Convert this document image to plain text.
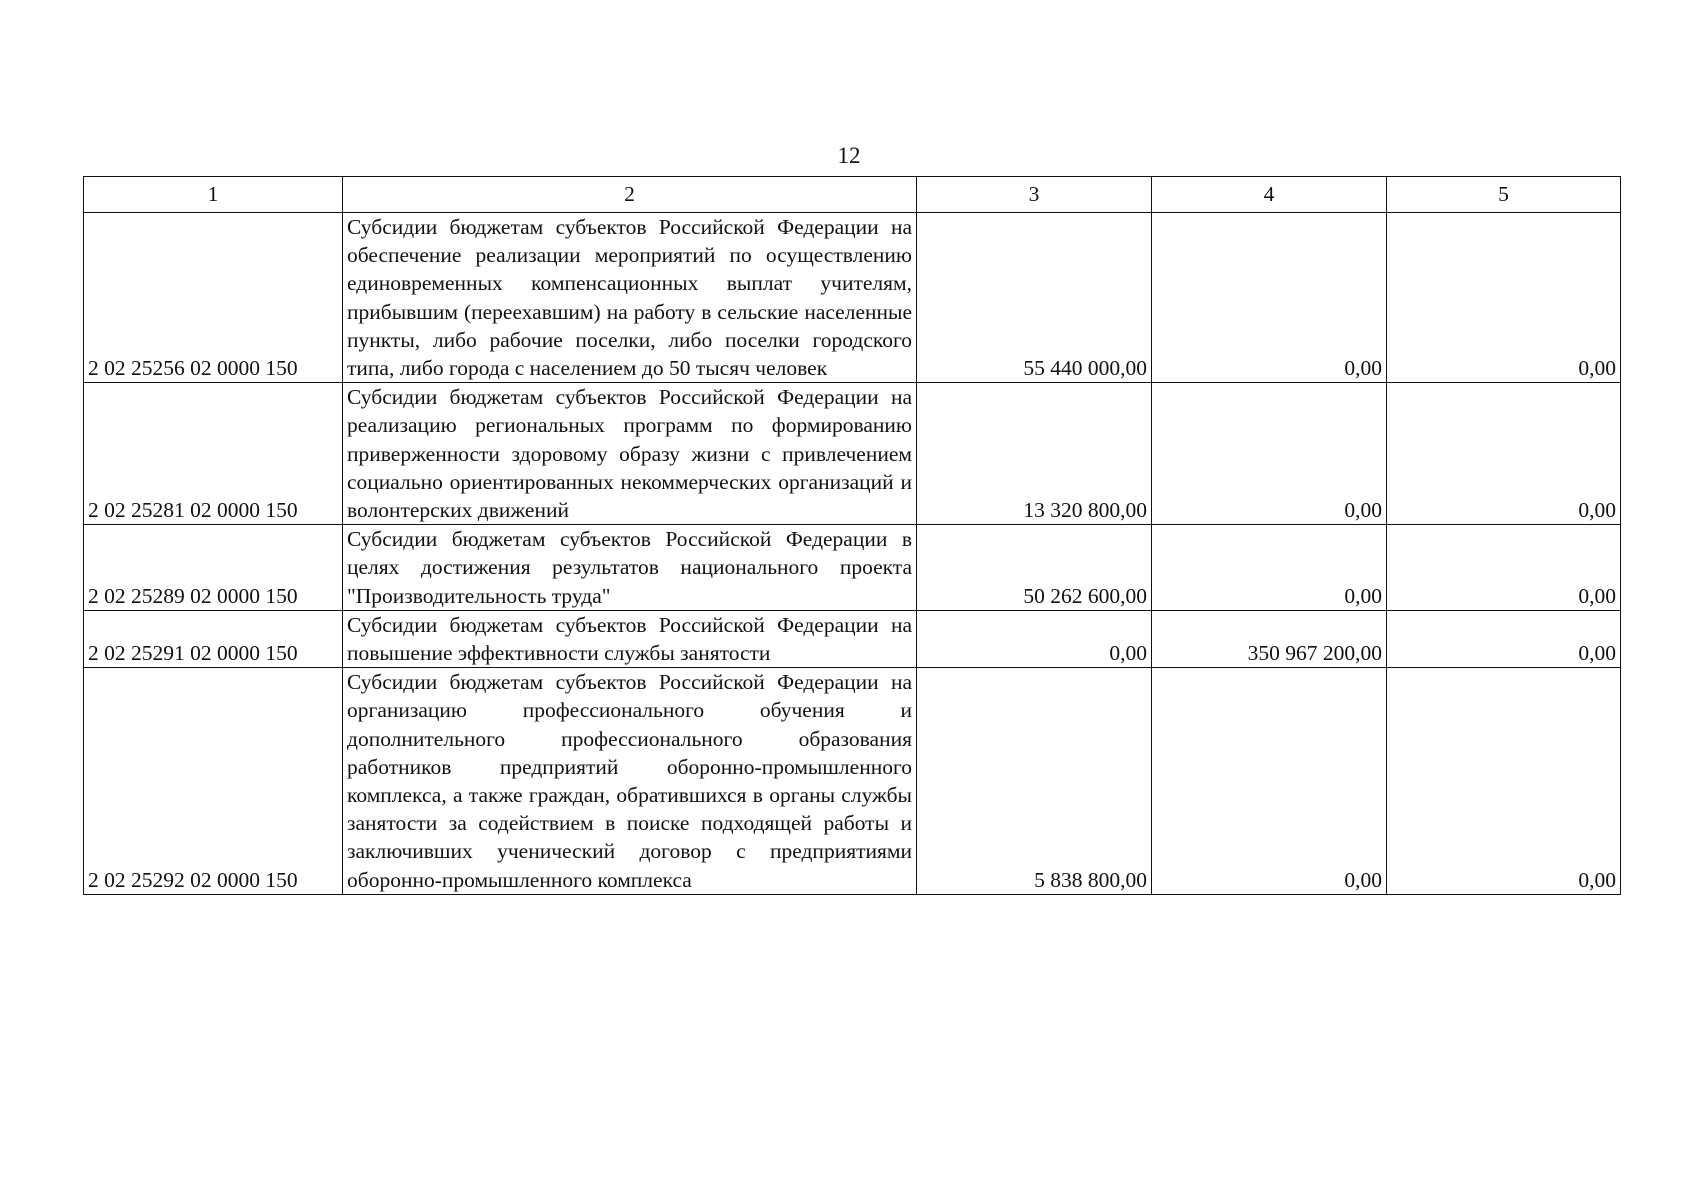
12
1	2	3	4	5
2 02 25256 02 0000 150	Субсидии бюджетам субъектов Российской Федерации на обеспечение реализации мероприятий по осуществлению единовременных компенсационных выплат учителям, прибывшим (переехавшим) на работу в сельские населенные пункты, либо рабочие поселки, либо поселки городского типа, либо города с населением до 50 тысяч человек	55 440 000,00	0,00	0,00
2 02 25281 02 0000 150	Субсидии бюджетам субъектов Российской Федерации на реализацию региональных программ по формированию приверженности здоровому образу жизни с привлечением социально ориентированных некоммерческих организаций и волонтерских движений	13 320 800,00	0,00	0,00
2 02 25289 02 0000 150	Субсидии бюджетам субъектов Российской Федерации в целях достижения результатов национального проекта "Производительность труда"	50 262 600,00	0,00	0,00
2 02 25291 02 0000 150	Субсидии бюджетам субъектов Российской Федерации на повышение эффективности службы занятости	0,00	350 967 200,00	0,00
2 02 25292 02 0000 150	Субсидии бюджетам субъектов Российской Федерации на организацию профессионального обучения и дополнительного профессионального образования работников предприятий оборонно-промышленного комплекса, а также граждан, обратившихся в органы службы занятости за содействием в поиске подходящей работы и заключивших ученический договор с предприятиями оборонно-промышленного комплекса	5 838 800,00	0,00	0,00
